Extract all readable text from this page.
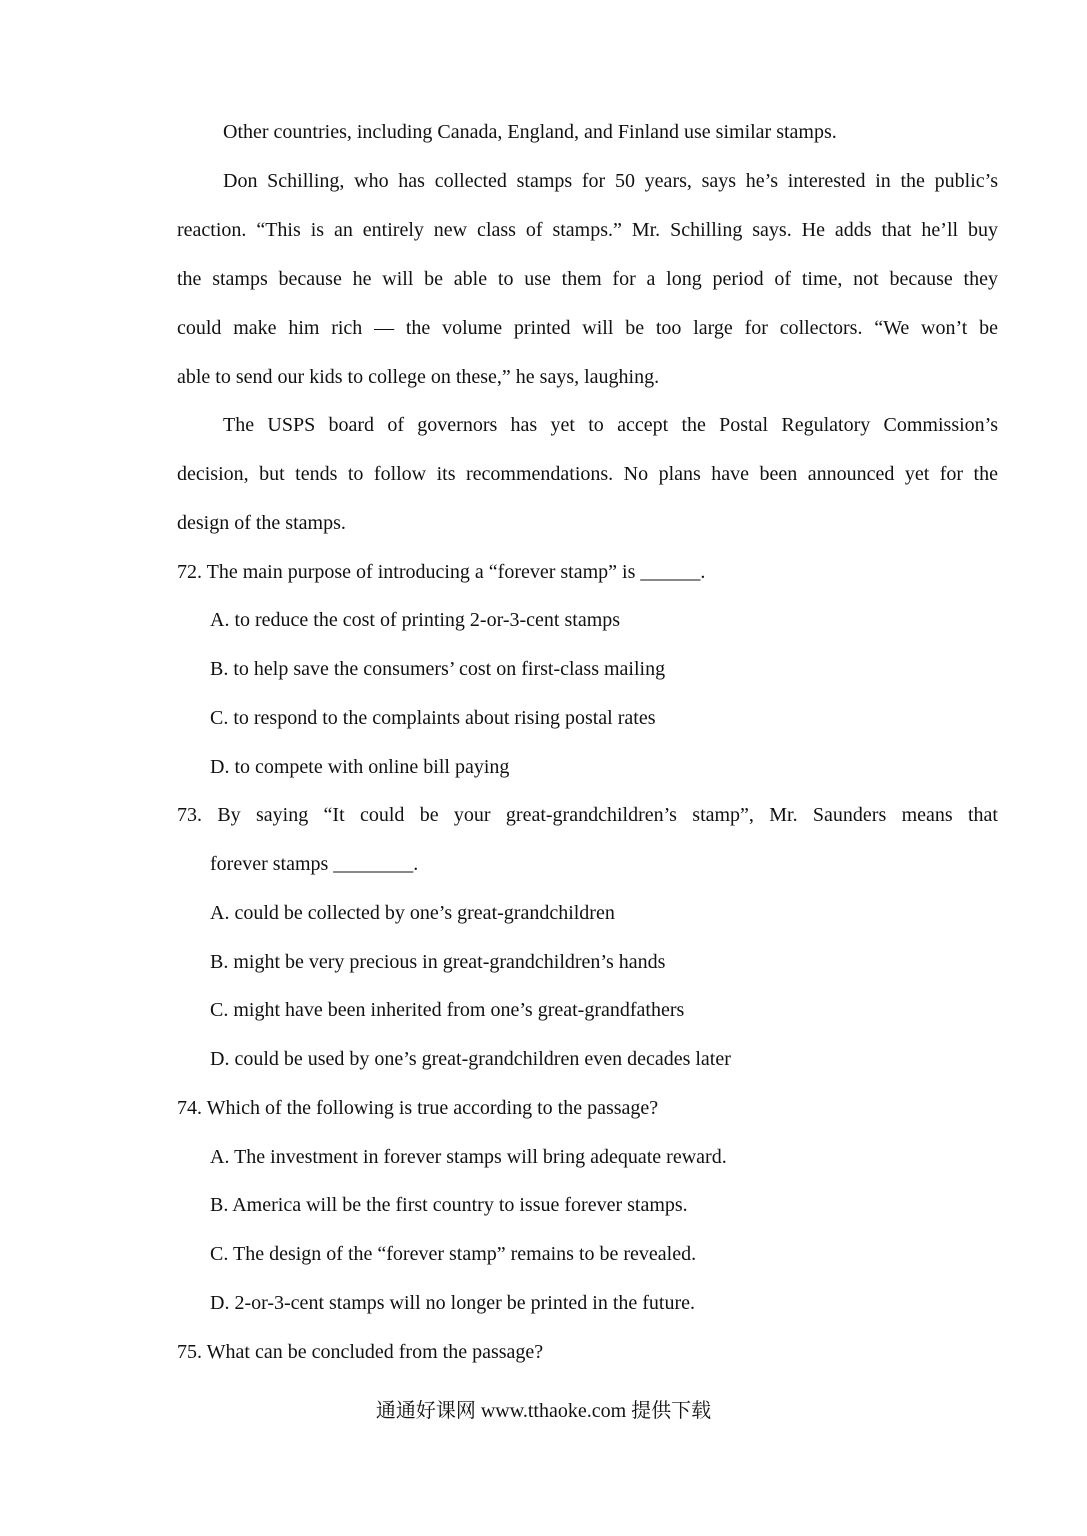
Other countries, including Canada, England, and Finland use similar stamps.
Don Schilling, who has collected stamps for 50 years, says he’s interested in the public’s
reaction. “This is an entirely new class of stamps.” Mr. Schilling says. He adds that he’ll buy
the stamps because he will be able to use them for a long period of time, not because they
could make him rich — the volume printed will be too large for collectors. “We won’t be
able to send our kids to college on these,” he says, laughing.
The USPS board of governors has yet to accept the Postal Regulatory Commission’s
decision, but tends to follow its recommendations. No plans have been announced yet for the
design of the stamps.
72. The main purpose of introducing a “forever stamp” is ______.
A. to reduce the cost of printing 2-or-3-cent stamps
B. to help save the consumers’ cost on first-class mailing
C. to respond to the complaints about rising postal rates
D. to compete with online bill paying
73. By saying “It could be your great-grandchildren’s stamp”, Mr. Saunders means that
forever stamps ________.
A. could be collected by one’s great-grandchildren
B. might be very precious in great-grandchildren’s hands
C. might have been inherited from one’s great-grandfathers
D. could be used by one’s great-grandchildren even decades later
74. Which of the following is true according to the passage?
A. The investment in forever stamps will bring adequate reward.
B. America will be the first country to issue forever stamps.
C. The design of the “forever stamp” remains to be revealed.
D. 2-or-3-cent stamps will no longer be printed in the future.
75. What can be concluded from the passage?
通通好课网 www.tthaoke.com 提供下载
